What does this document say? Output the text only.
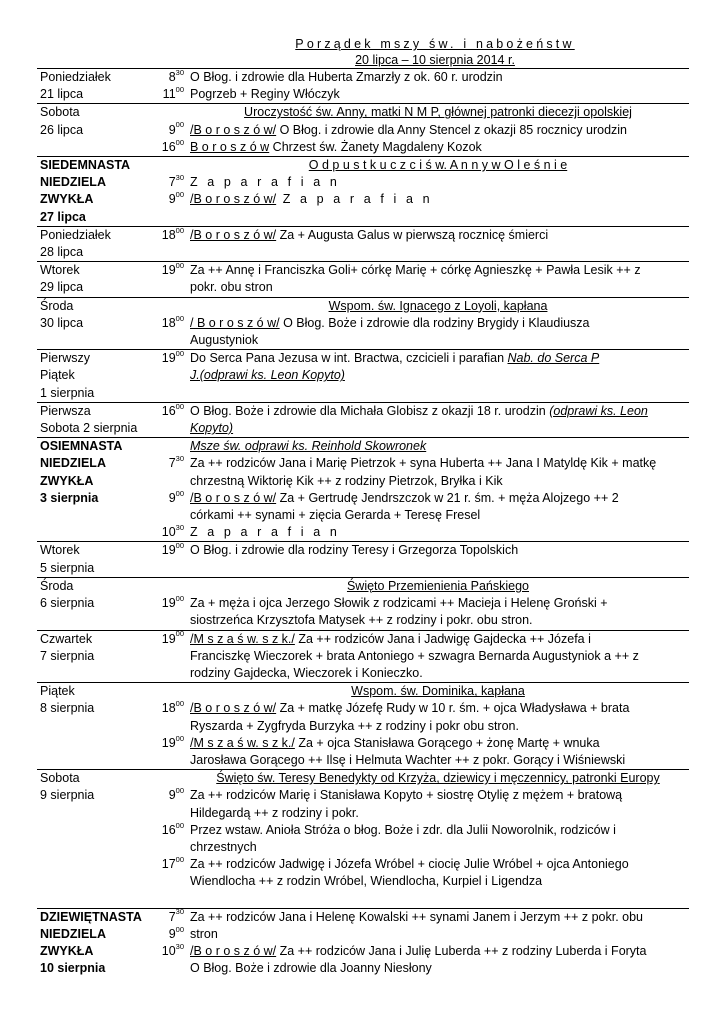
Porządek mszy św. i nabożeństw
20 lipca – 10 sierpnia 2014 r.
Poniedziałek	$8^{30}$	O Błog. i zdrowie dla Huberta Zmarzły z ok. 60 r. urodzin
21 lipca	$11^{00}$	Pogrzeb + Reginy Włóczyk
Sobota		Uroczystość św. Anny, matki N M P, głównej patronki diecezji opolskiej
26 lipca	$9^{00}$	/B o r o s z ó w/ O Błog. i zdrowie dla Anny Stencel z okazji 85 rocznicy urodzin
	$16^{00}$	B o r o s z ó w Chrzest św. Żanety Magdaleny Kozok
SIEDEMNASTA		O d p u s t k u c z c i ś w. A n n y w O l e ś n i e
NIEDZIELA	$7^{30}$	Z a p a r a f i a n
ZWYKŁA	$9^{00}$	/B o r o s z ó w/ Z a p a r a f i a n
27 lipca		
Poniedziałek	$18^{00}$	/B o r o s z ó w/ Za + Augusta Galus w pierwszą rocznicę śmierci
28 lipca		
Wtorek	$19^{00}$	Za ++ Annę i Franciszka Goli+ córkę Marię + córkę Agnieszkę + Pawła Lesik ++ z
29 lipca		pokr. obu stron
Środa		Wspom. św. Ignacego z Loyoli, kapłana
30 lipca	$18^{00}$	/ B o r o s z ó w/ O Błog. Boże i zdrowie dla rodziny Brygidy i Klaudiusza
		Augustyniok
Pierwszy	$19^{00}$	Do Serca Pana Jezusa w int. Bractwa, czcicieli i parafian Nab. do Serca P
Piątek		J.(odprawi ks. Leon Kopyto)
1 sierpnia		
Pierwsza	$16^{00}$	O Błog. Boże i zdrowie dla Michała Globisz z okazji 18 r. urodzin (odprawi ks. Leon
Sobota 2 sierpnia		Kopyto)
OSIEMNASTA		Msze św. odprawi ks. Reinhold Skowronek
NIEDZIELA	$7^{30}$	Za ++ rodziców Jana i Marię Pietrzok + syna Huberta ++ Jana I Matyldę Kik + matkę
ZWYKŁA		chrzestną Wiktorię Kik ++ z rodziny Pietrzok, Bryłka i Kik
3 sierpnia	$9^{00}$	/B o r o s z ó w/ Za + Gertrudę Jendrszczok w 21 r. śm. + męża Alojzego ++ 2
		córkami ++ synami + zięcia Gerarda + Teresę Fresel
	$10^{30}$	Z a p a r a f i a n
Wtorek	$19^{00}$	O Błog. i zdrowie dla rodziny Teresy i Grzegorza Topolskich
5 sierpnia		
Środa		Święto Przemienienia Pańskiego
6 sierpnia	$19^{00}$	Za + męża i ojca Jerzego Słowik z rodzicami ++ Macieja i Helenę Groński +
		siostrzeńca Krzysztofa Matysek ++ z rodziny i pokr. obu stron.
Czwartek	$19^{00}$	/M s z a ś w. s z k./ Za ++ rodziców Jana i Jadwigę Gajdecka ++ Józefa i
7 sierpnia		Franciszkę Wieczorek + brata Antoniego + szwagra Bernarda Augustyniok a ++ z
		rodziny Gajdecka, Wieczorek i Konieczko.
Piątek		Wspom. św. Dominika, kapłana
8 sierpnia	$18^{00}$	/B o r o s z ó w/ Za + matkę Józefę Rudy w 10 r. śm. + ojca Władysława + brata
		Ryszarda + Zygfryda Burzyka ++ z rodziny i pokr obu stron.
	$19^{00}$	/M s z a ś w. s z k./ Za + ojca Stanisława Gorącego + żonę Martę + wnuka
		Jarosława Gorącego ++ Ilsę i Helmuta Wachter ++ z pokr. Gorący i Wiśniewski
Sobota		Święto św. Teresy Benedykty od Krzyża, dziewicy i męczennicy, patronki Europy
9 sierpnia	$9^{00}$	Za ++ rodziców Marię i Stanisława Kopyto + siostrę Otylię z mężem + bratową
		Hildegardą ++ z rodziny i pokr.
	$16^{00}$	Przez wstaw. Anioła Stróża o błog. Boże i zdr. dla Julii Noworolnik, rodziców i
		chrzestnych
	$17^{00}$	Za ++ rodziców Jadwigę i Józefa Wróbel + ciocię Julie Wróbel + ojca Antoniego
		Wiendlocha ++ z rodzin Wróbel, Wiendlocha, Kurpiel i Ligendza

DZIEWIĘTNASTA	$7^{30}$	Za ++ rodziców Jana i Helenę Kowalski ++ synami Janem i Jerzym ++ z pokr. obu
NIEDZIELA	$9^{00}$	stron
ZWYKŁA	$10^{30}$	/B o r o s z ó w/ Za ++ rodziców Jana i Julię Luberda ++ z rodziny Luberda i Foryta
10 sierpnia		O Błog. Boże i zdrowie dla Joanny Niesłony
